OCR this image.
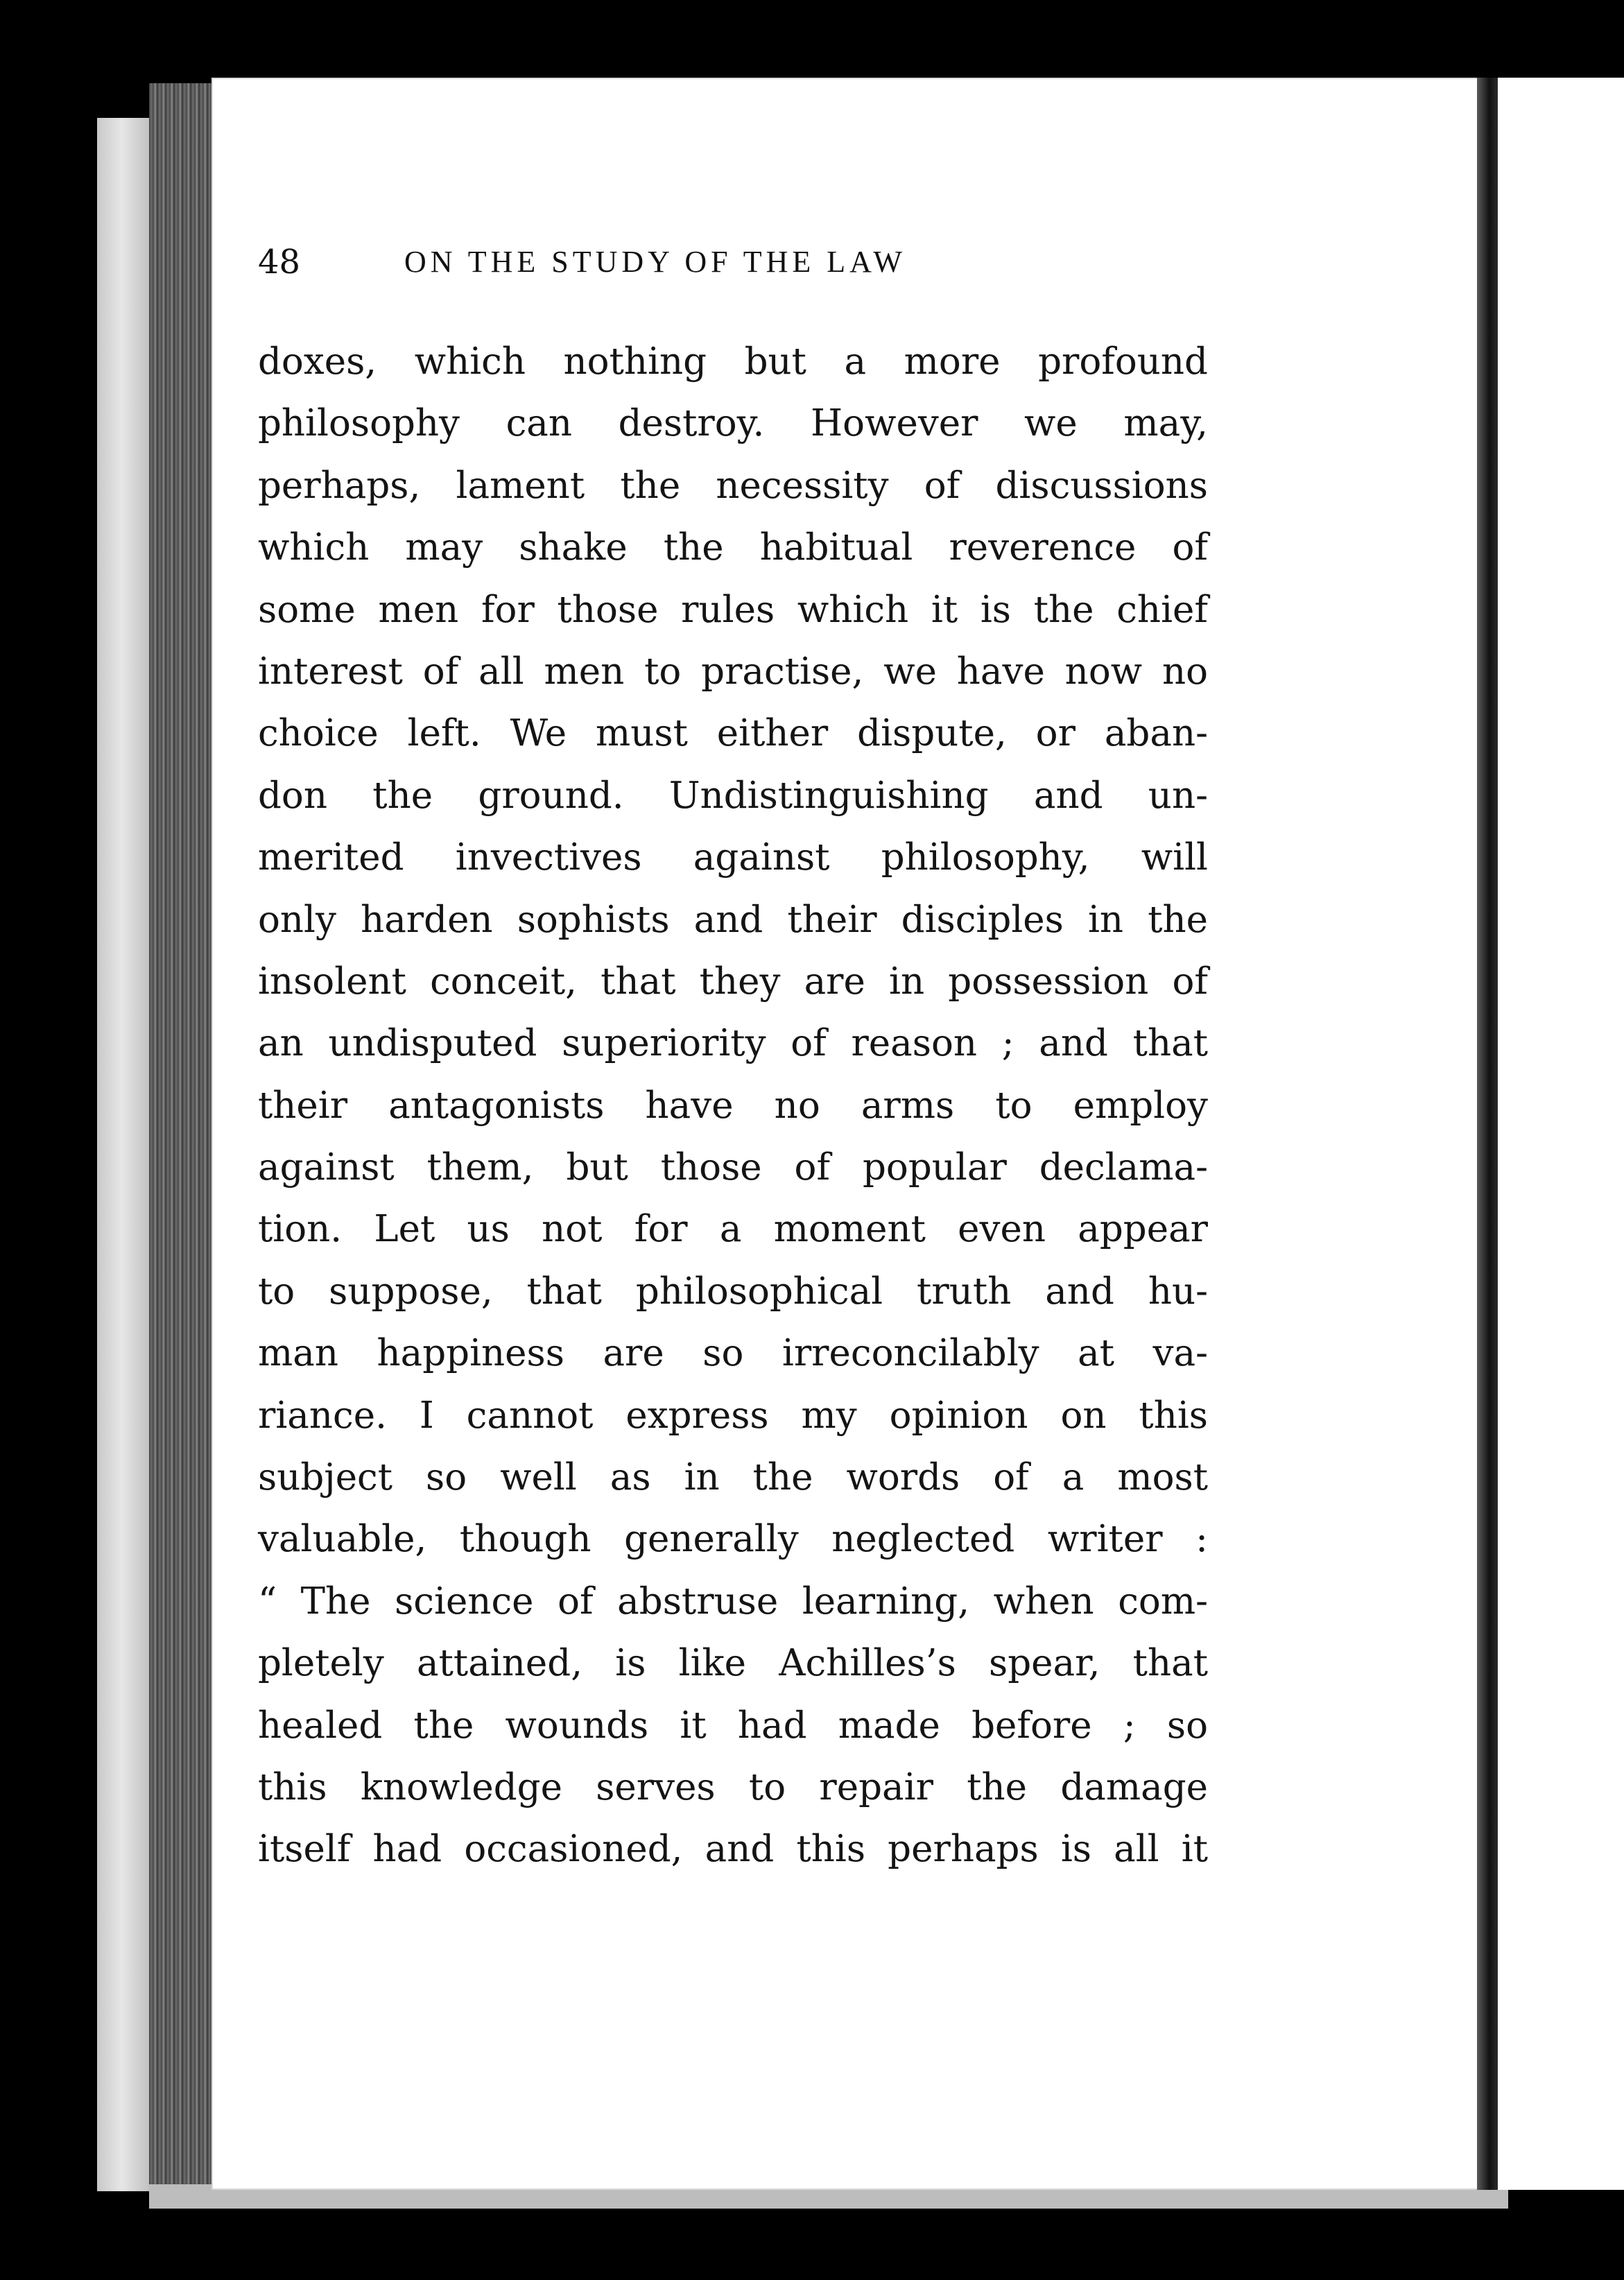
48	ON THE STUDY OF THE LAW

doxes, which nothing but a more profound
philosophy can destroy. However we may,
perhaps, lament the necessity of discussions
which may shake the habitual reverence of
some men for those rules which it is the chief
interest of all men to practise, we have now no
choice left. We must either dispute, or aban-
don the ground. Undistinguishing and un-
merited invectives against philosophy, will
only harden sophists and their disciples in the
insolent conceit, that they are in possession of
an undisputed superiority of reason ; and that
their antagonists have no arms to employ
against them, but those of popular declama-
tion. Let us not for a moment even appear
to suppose, that philosophical truth and hu-
man happiness are so irreconcilably at va-
riance. I cannot express my opinion on this
subject so well as in the words of a most
valuable, though generally neglected writer :
“ The science of abstruse learning, when com-
pletely attained, is like Achilles’s spear, that
healed the wounds it had made before ; so
this knowledge serves to repair the damage
itself had occasioned, and this perhaps is all it
